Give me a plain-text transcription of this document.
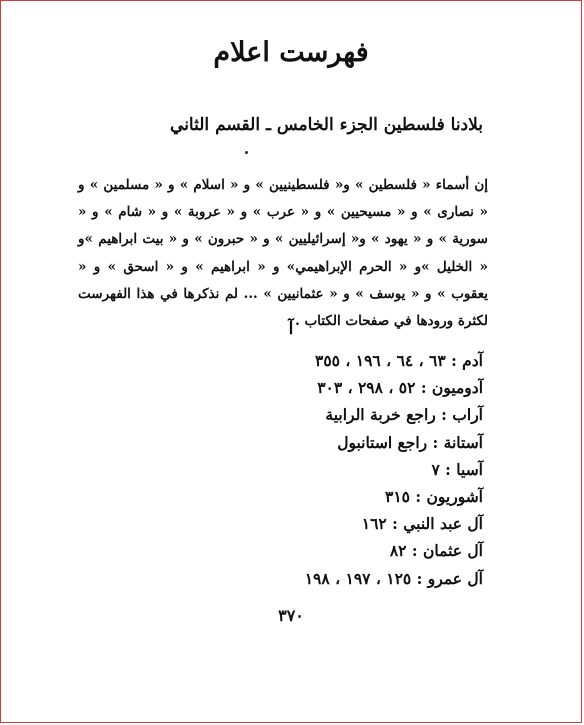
فهرست اعلام
بلادنا فلسطين الجزء الخامس ـ القسم الثاني

إن أسماء « فلسطين » و« فلسطينيين » و « اسلام » و « مسلمين » و « نصارى » و « مسيحيين » و « عرب » و « عروبة » و « شام » و « سورية » و « يهود » و« إسرائيليين » و « حبرون » و « بيت ابراهيم »و « الخليل »و « الحرم الإبراهيمي» و « ابراهيم » و « اسحق » و « يعقوب » و « يوسف » و « عثمانيين » ... لم نذكرها في هذا الفهرست لكثرة ورودها في صفحات الكتاب .

آ
آدم : ٦٣ ، ٦٤ ، ١٩٦ ، ٣٥٥
آدوميون : ٥٢ ، ٢٩٨ ، ٣٠٣
آراب : راجع خربة الرابية
آستانة : راجع استانبول
آسيا : ٧
آشوريون : ٣١٥
آل عبد النبي : ١٦٢
آل عثمان : ٨٢
آل عمرو : ١٢٥ ، ١٩٧ ، ١٩٨
٣٧٠
